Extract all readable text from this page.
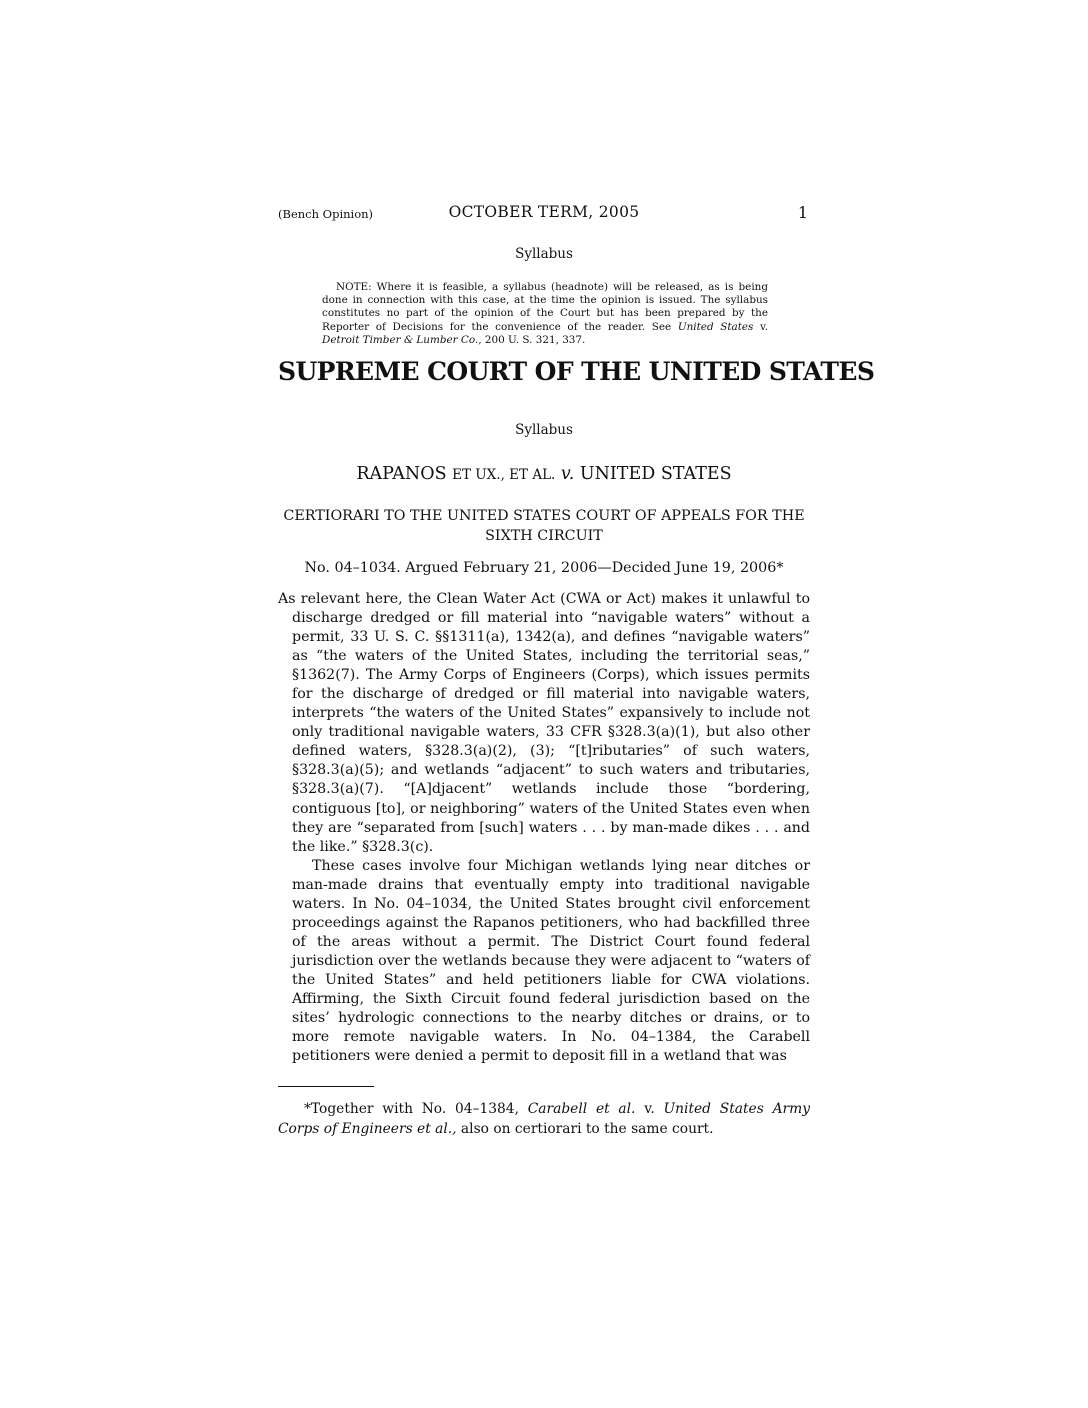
(Bench Opinion)	OCTOBER TERM, 2005	1
Syllabus
NOTE: Where it is feasible, a syllabus (headnote) will be released, as is being done in connection with this case, at the time the opinion is issued. The syllabus constitutes no part of the opinion of the Court but has been prepared by the Reporter of Decisions for the convenience of the reader. See United States v. Detroit Timber & Lumber Co., 200 U. S. 321, 337.
SUPREME COURT OF THE UNITED STATES
Syllabus
RAPANOS ET UX., ET AL. v. UNITED STATES
CERTIORARI TO THE UNITED STATES COURT OF APPEALS FOR THE SIXTH CIRCUIT
No. 04–1034. Argued February 21, 2006—Decided June 19, 2006*

As relevant here, the Clean Water Act (CWA or Act) makes it unlawful to discharge dredged or fill material into “navigable waters” without a permit, 33 U. S. C. §§1311(a), 1342(a), and defines “navigable waters” as “the waters of the United States, including the territorial seas,” §1362(7). The Army Corps of Engineers (Corps), which issues permits for the discharge of dredged or fill material into navigable waters, interprets “the waters of the United States” expansively to include not only traditional navigable waters, 33 CFR §328.3(a)(1), but also other defined waters, §328.3(a)(2), (3); “[t]ributaries” of such waters, §328.3(a)(5); and wetlands “adjacent” to such waters and tributaries, §328.3(a)(7). “[A]djacent” wetlands include those “bordering, contiguous [to], or neighboring” waters of the United States even when they are “separated from [such] waters . . . by man-made dikes . . . and the like.” §328.3(c).

These cases involve four Michigan wetlands lying near ditches or man-made drains that eventually empty into traditional navigable waters. In No. 04–1034, the United States brought civil enforcement proceedings against the Rapanos petitioners, who had backfilled three of the areas without a permit. The District Court found federal jurisdiction over the wetlands because they were adjacent to “waters of the United States” and held petitioners liable for CWA violations. Affirming, the Sixth Circuit found federal jurisdiction based on the sites’ hydrologic connections to the nearby ditches or drains, or to more remote navigable waters. In No. 04–1384, the Carabell petitioners were denied a permit to deposit fill in a wetland that was

*Together with No. 04–1384, Carabell et al. v. United States Army Corps of Engineers et al., also on certiorari to the same court.
